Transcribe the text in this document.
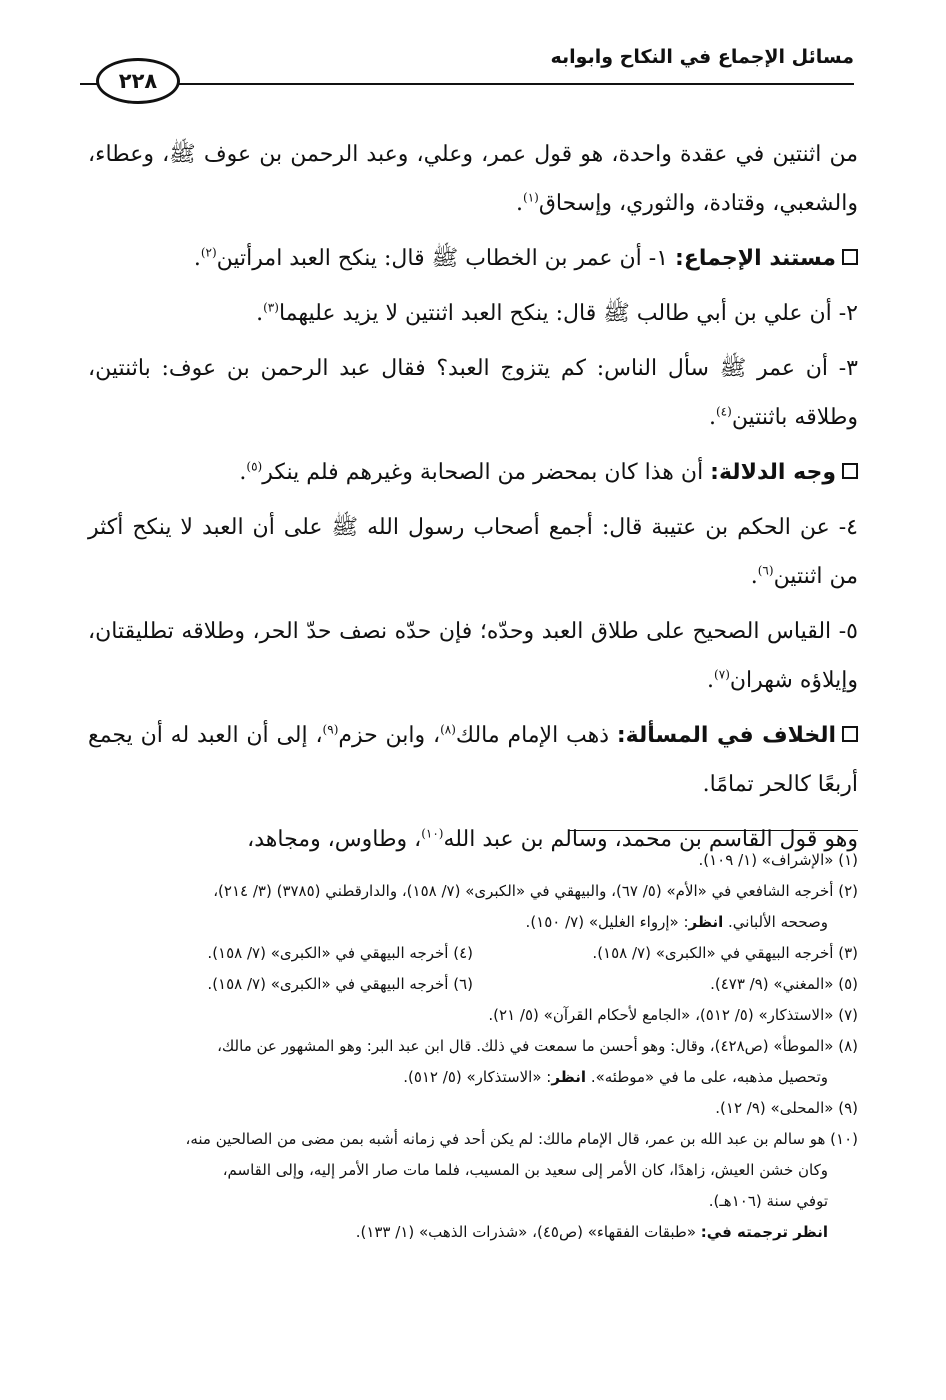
مسائل الإجماع في النكاح وابوابه
٢٢٨

من اثنتين في عقدة واحدة، هو قول عمر، وعلي، وعبد الرحمن بن عوف ﷺ، وعطاء، والشعبي، وقتادة، والثوري، وإسحاق$^{(١)}$.

مستند الإجماع: ١- أن عمر بن الخطاب ﷺ قال: ينكح العبد امرأتين$^{(٢)}$.

٢- أن علي بن أبي طالب ﷺ قال: ينكح العبد اثنتين لا يزيد عليهما$^{(٣)}$.

٣- أن عمر ﷺ سأل الناس: كم يتزوج العبد؟ فقال عبد الرحمن بن عوف: باثنتين، وطلاقه باثنتين$^{(٤)}$.

وجه الدلالة: أن هذا كان بمحضر من الصحابة وغيرهم فلم ينكر$^{(٥)}$.

٤- عن الحكم بن عتيبة قال: أجمع أصحاب رسول الله ﷺ على أن العبد لا ينكح أكثر من اثنتين$^{(٦)}$.

٥- القياس الصحيح على طلاق العبد وحدّه؛ فإن حدّه نصف حدّ الحر، وطلاقه تطليقتان، وإيلاؤه شهران$^{(٧)}$.

الخلاف في المسألة: ذهب الإمام مالك$^{(٨)}$، وابن حزم$^{(٩)}$، إلى أن العبد له أن يجمع أربعًا كالحر تمامًا.

وهو قول القاسم بن محمد، وسالم بن عبد الله$^{(١٠)}$، وطاوس، ومجاهد،

(١) «الإشراف» (١/ ١٠٩).

(٢) أخرجه الشافعي في «الأم» (٥/ ٦٧)، والبيهقي في «الكبرى» (٧/ ١٥٨)، والدارقطني (٣٧٨٥) (٣/ ٢١٤)،

وصححه الألباني. انظر: «إرواء الغليل» (٧/ ١٥٠).

(٣) أخرجه البيهقي في «الكبرى» (٧/ ١٥٨).

(٤) أخرجه البيهقي في «الكبرى» (٧/ ١٥٨).

(٥) «المغني» (٩/ ٤٧٣).

(٦) أخرجه البيهقي في «الكبرى» (٧/ ١٥٨).

(٧) «الاستذكار» (٥/ ٥١٢)، «الجامع لأحكام القرآن» (٥/ ٢١).

(٨) «الموطأ» (ص٤٢٨)، وقال: وهو أحسن ما سمعت في ذلك. قال ابن عبد البر: وهو المشهور عن مالك،

وتحصيل مذهبه، على ما في «موطئه». انظر: «الاستذكار» (٥/ ٥١٢).

(٩) «المحلى» (٩/ ١٢).

(١٠) هو سالم بن عبد الله بن عمر، قال الإمام مالك: لم يكن أحد في زمانه أشبه بمن مضى من الصالحين منه،

وكان خشن العيش، زاهدًا، كان الأمر إلى سعيد بن المسيب، فلما مات صار الأمر إليه، وإلى القاسم،

توفي سنة (١٠٦هـ).

انظر ترجمته في: «طبقات الفقهاء» (ص٤٥)، «شذرات الذهب» (١/ ١٣٣).
